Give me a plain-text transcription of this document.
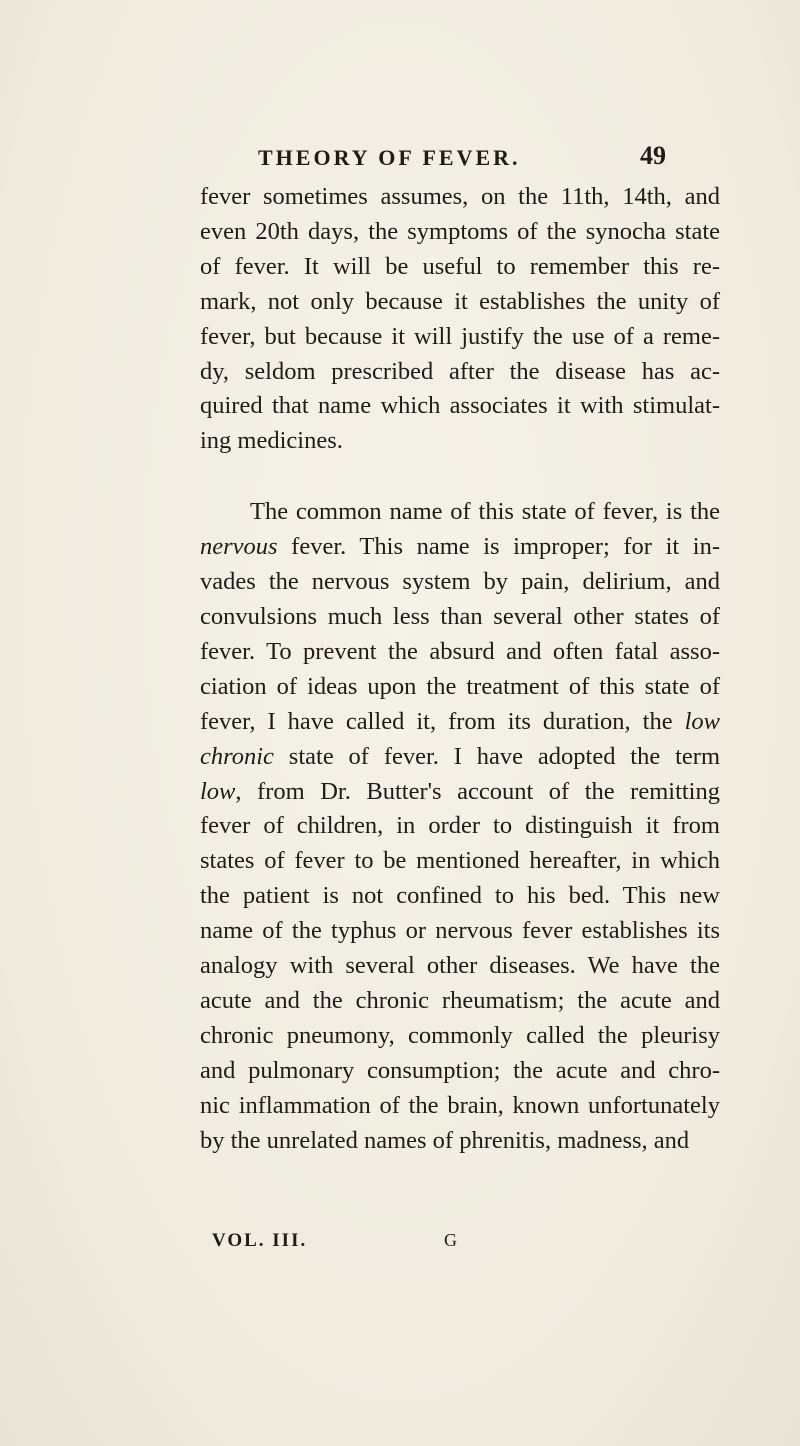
THEORY OF FEVER.	49
fever sometimes assumes, on the 11th, 14th, and
even 20th days, the symptoms of the synocha state
of fever. It will be useful to remember this re-
mark, not only because it establishes the unity of
fever, but because it will justify the use of a reme-
dy, seldom prescribed after the disease has ac-
quired that name which associates it with stimulat-
ing medicines.
The common name of this state of fever, is the
nervous fever. This name is improper; for it in-
vades the nervous system by pain, delirium, and
convulsions much less than several other states of
fever. To prevent the absurd and often fatal asso-
ciation of ideas upon the treatment of this state of
fever, I have called it, from its duration, the low
chronic state of fever. I have adopted the term
low, from Dr. Butter's account of the remitting
fever of children, in order to distinguish it from
states of fever to be mentioned hereafter, in which
the patient is not confined to his bed. This new
name of the typhus or nervous fever establishes its
analogy with several other diseases. We have the
acute and the chronic rheumatism; the acute and
chronic pneumony, commonly called the pleurisy
and pulmonary consumption; the acute and chro-
nic inflammation of the brain, known unfortunately
by the unrelated names of phrenitis, madness, and
VOL. III.	G
